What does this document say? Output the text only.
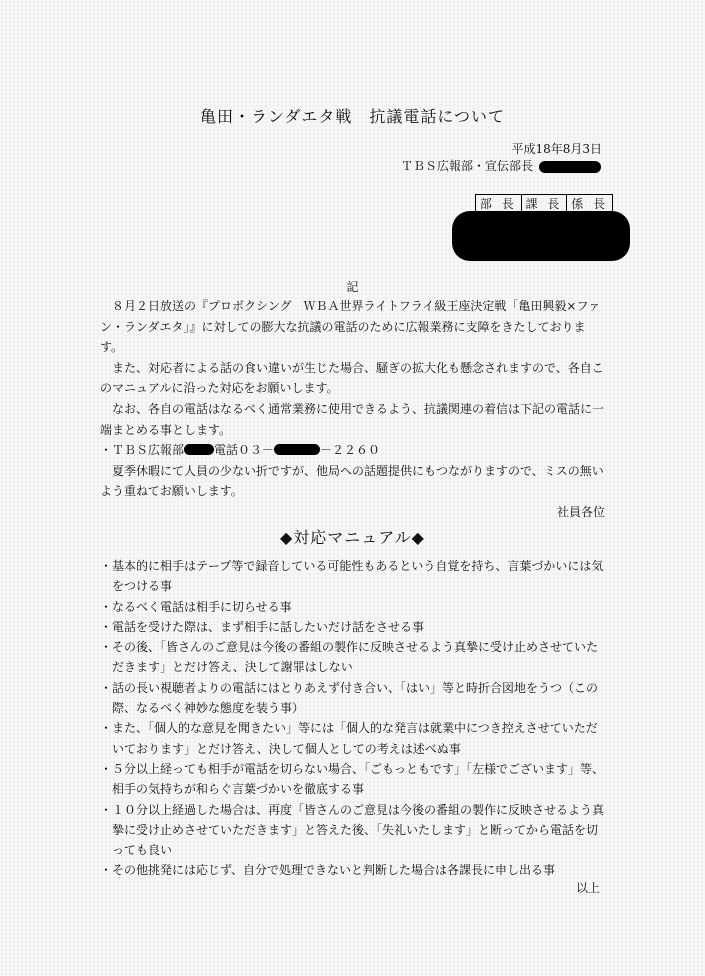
亀田・ランダエタ戦　抗議電話について
平成18年8月3日
ＴＢＳ広報部・宣伝部長
部 長	課 長	係 長
記

８月２日放送の『プロボクシング　ＷＢＡ世界ライトフライ級王座決定戦「亀田興毅×ファン・ランダエタ」』に対しての膨大な抗議の電話のために広報業務に支障をきたしております。

また、対応者による話の食い違いが生じた場合、騒ぎの拡大化も懸念されますので、各自このマニュアルに沿った対応をお願いします。

なお、各自の電話はなるべく通常業務に使用できるよう、抗議関連の着信は下記の電話に一端まとめる事とします。

・ＴＢＳ広報部	電話０３－	－２２６０

夏季休暇にて人員の少ない折ですが、他局への話題提供にもつながりますので、ミスの無いよう重ねてお願いします。

社員各位

◆対応マニュアル◆
・ 基本的に相手はテープ等で録音している可能性もあるという自覚を持ち、言葉づかいには気をつける事
・ なるべく電話は相手に切らせる事
・ 電話を受けた際は、まず相手に話したいだけ話をさせる事
・ その後、「皆さんのご意見は今後の番組の製作に反映させるよう真摯に受け止めさせていただきます」とだけ答え、決して謝罪はしない
・ 話の長い視聴者よりの電話にはとりあえず付き合い、「はい」等と時折合図地をうつ（この際、なるべく神妙な態度を装う事）
・ また、「個人的な意見を聞きたい」等には「個人的な発言は就業中につき控えさせていただいております」とだけ答え、決して個人としての考えは述べぬ事
・ ５分以上経っても相手が電話を切らない場合、「ごもっともです」「左様でございます」等、相手の気持ちが和らぐ言葉づかいを徹底する事
・ １０分以上経過した場合は、再度「皆さんのご意見は今後の番組の製作に反映させるよう真摯に受け止めさせていただきます」と答えた後、「失礼いたします」と断ってから電話を切っても良い
・ その他挑発には応じず、自分で処理できないと判断した場合は各課長に申し出る事
以上
